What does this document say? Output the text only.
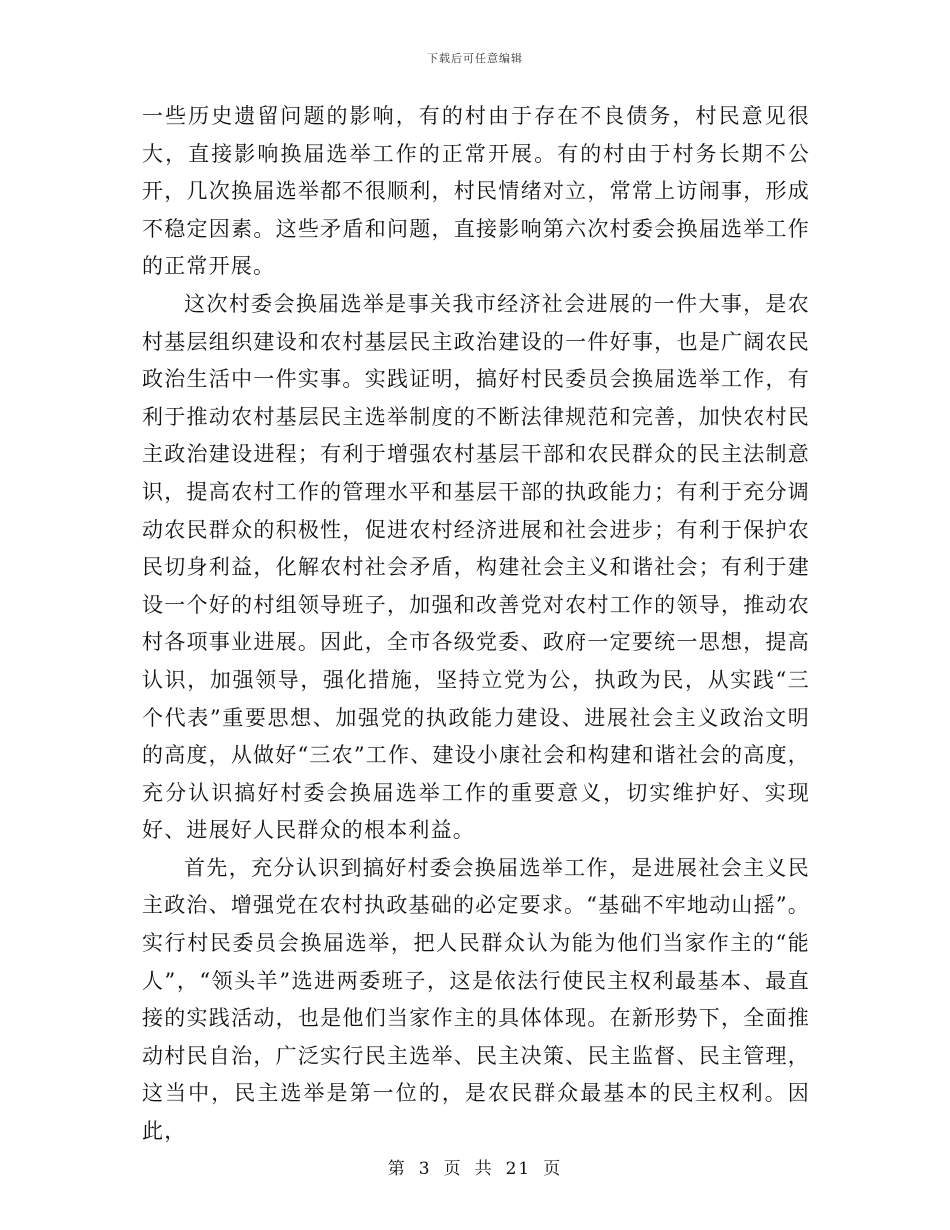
下载后可任意编辑

一些历史遗留问题的影响，有的村由于存在不良债务，村民意见很大，直接影响换届选举工作的正常开展。有的村由于村务长期不公开，几次换届选举都不很顺利，村民情绪对立，常常上访闹事，形成不稳定因素。这些矛盾和问题，直接影响第六次村委会换届选举工作的正常开展。

这次村委会换届选举是事关我市经济社会进展的一件大事，是农村基层组织建设和农村基层民主政治建设的一件好事，也是广阔农民政治生活中一件实事。实践证明，搞好村民委员会换届选举工作，有利于推动农村基层民主选举制度的不断法律规范和完善，加快农村民主政治建设进程；有利于增强农村基层干部和农民群众的民主法制意识，提高农村工作的管理水平和基层干部的执政能力；有利于充分调动农民群众的积极性，促进农村经济进展和社会进步；有利于保护农民切身利益，化解农村社会矛盾，构建社会主义和谐社会；有利于建设一个好的村组领导班子，加强和改善党对农村工作的领导，推动农村各项事业进展。因此，全市各级党委、政府一定要统一思想，提高认识，加强领导，强化措施，坚持立党为公，执政为民，从实践“三个代表”重要思想、加强党的执政能力建设、进展社会主义政治文明的高度，从做好“三农”工作、建设小康社会和构建和谐社会的高度，充分认识搞好村委会换届选举工作的重要意义，切实维护好、实现好、进展好人民群众的根本利益。

首先，充分认识到搞好村委会换届选举工作，是进展社会主义民主政治、增强党在农村执政基础的必定要求。“基础不牢地动山摇”。实行村民委员会换届选举，把人民群众认为能为他们当家作主的“能人”，“领头羊”选进两委班子，这是依法行使民主权利最基本、最直接的实践活动，也是他们当家作主的具体体现。在新形势下，全面推动村民自治，广泛实行民主选举、民主决策、民主监督、民主管理，这当中，民主选举是第一位的，是农民群众最基本的民主权利。因此，

第 3 页 共 21 页
